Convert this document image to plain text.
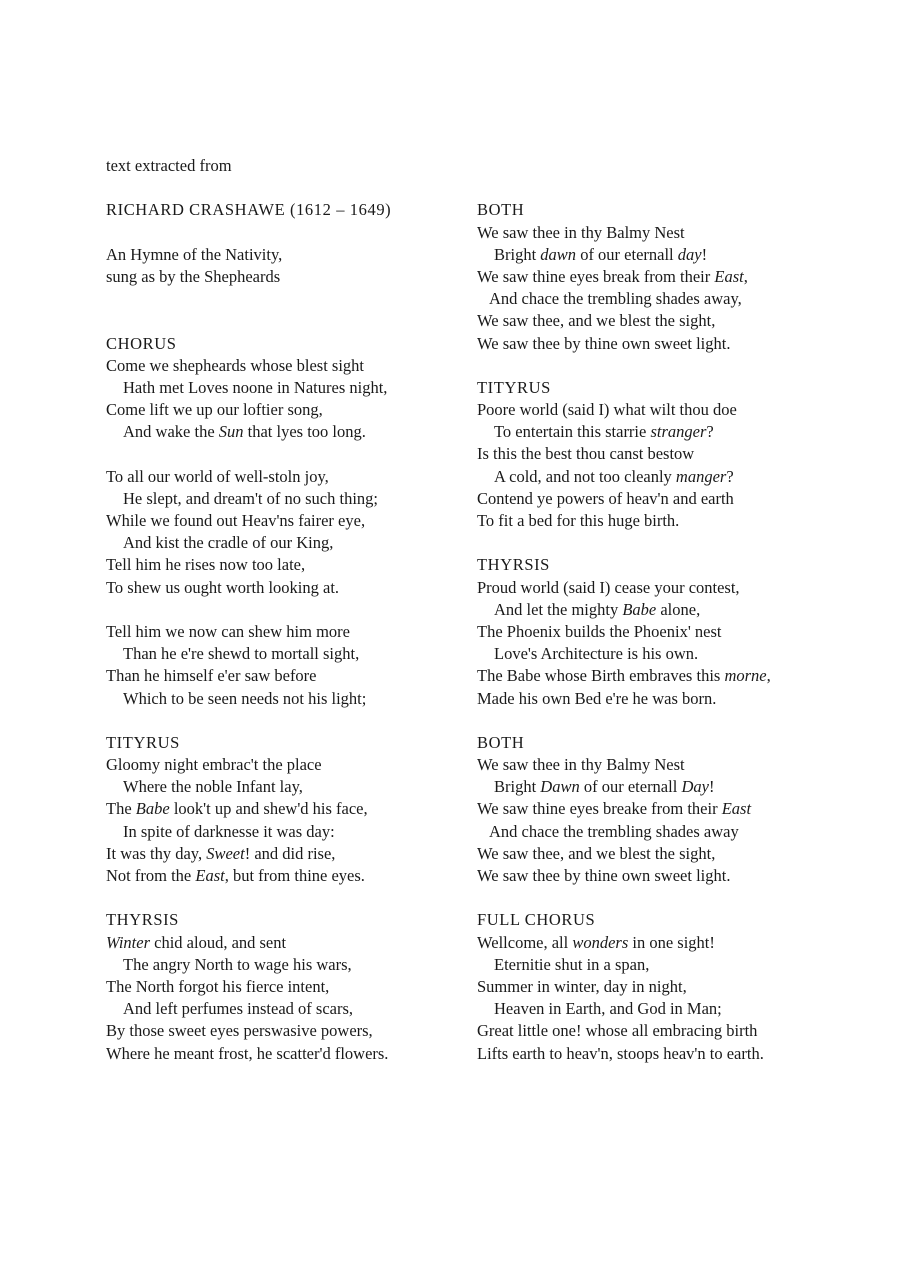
text extracted from
RICHARD CRASHAWE (1612 – 1649)
An Hymne of the Nativity,
sung as by the Shepheards
CHORUS
Come we shepheards whose blest sight
Hath met Loves noone in Natures night,
Come lift we up our loftier song,
And wake the Sun that lyes too long.
To all our world of well-stoln joy,
He slept, and dream't of no such thing;
While we found out Heav'ns fairer eye,
And kist the cradle of our King,
Tell him he rises now too late,
To shew us ought worth looking at.
Tell him we now can shew him more
Than he e're shewd to mortall sight,
Than he himself e'er saw before
Which to be seen needs not his light;
TITYRUS
Gloomy night embrac't the place
Where the noble Infant lay,
The Babe look't up and shew'd his face,
In spite of darknesse it was day:
It was thy day, Sweet! and did rise,
Not from the East, but from thine eyes.
THYRSIS
Winter chid aloud, and sent
The angry North to wage his wars,
The North forgot his fierce intent,
And left perfumes instead of scars,
By those sweet eyes perswasive powers,
Where he meant frost, he scatter'd flowers.
BOTH
We saw thee in thy Balmy Nest
Bright dawn of our eternall day!
We saw thine eyes break from their East,
And chace the trembling shades away,
We saw thee, and we blest the sight,
We saw thee by thine own sweet light.
TITYRUS
Poore world (said I) what wilt thou doe
To entertain this starrie stranger?
Is this the best thou canst bestow
A cold, and not too cleanly manger?
Contend ye powers of heav'n and earth
To fit a bed for this huge birth.
THYRSIS
Proud world (said I) cease your contest,
And let the mighty Babe alone,
The Phoenix builds the Phoenix' nest
Love's Architecture is his own.
The Babe whose Birth embraves this morne,
Made his own Bed e're he was born.
BOTH
We saw thee in thy Balmy Nest
Bright Dawn of our eternall Day!
We saw thine eyes breake from their East
And chace the trembling shades away
We saw thee, and we blest the sight,
We saw thee by thine own sweet light.
FULL CHORUS
Wellcome, all wonders in one sight!
Eternitie shut in a span,
Summer in winter, day in night,
Heaven in Earth, and God in Man;
Great little one! whose all embracing birth
Lifts earth to heav'n, stoops heav'n to earth.
